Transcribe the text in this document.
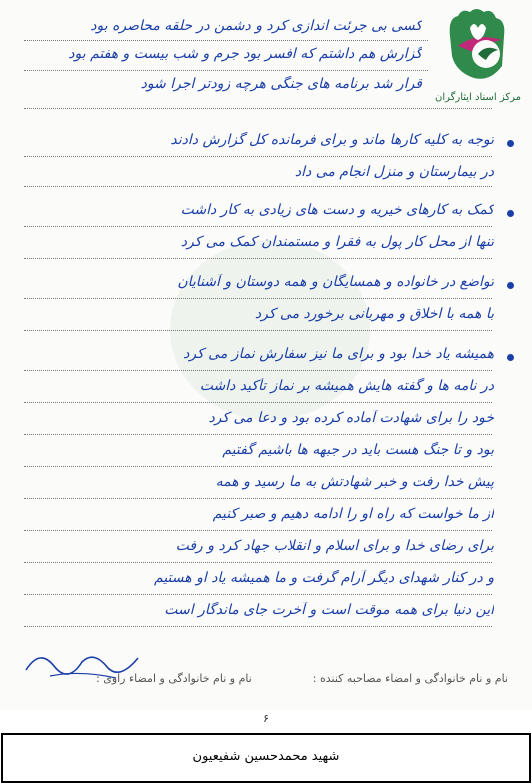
مرکز اسناد ایثارگران
کسی بی جرئت اندازی کرد و دشمن در حلقه محاصره بود
گزارش هم داشتم که افسر بود جرم و شب بیست و هفتم بود
قرار شد برنامه های جنگی هرچه زودتر اجرا شود
توجه به کلیه کارها ماند و برای فرمانده کل گزارش دادند
در بیمارستان و منزل انجام می داد
کمک به کارهای خیریه و دست های زیادی به کار داشت
تنها از محل کار پول به فقرا و مستمندان کمک می کرد
تواضع در خانواده و همسایگان و همه دوستان و آشنایان
با همه با اخلاق و مهربانی برخورد می کرد
همیشه یاد خدا بود و برای ما نیز سفارش نماز می کرد
در نامه ها و گفته هایش همیشه بر نماز تأکید داشت
خود را برای شهادت آماده کرده بود و دعا می کرد
بود و تا جنگ هست باید در جبهه ها باشیم گفتیم
پیش خدا رفت و خبر شهادتش به ما رسید و همه
از ما خواست که راه او را ادامه دهیم و صبر کنیم
برای رضای خدا و برای اسلام و انقلاب جهاد کرد و رفت
و در کنار شهدای دیگر آرام گرفت و ما همیشه یاد او هستیم
این دنیا برای همه موقت است و آخرت جای ماندگار است
نام و نام خانوادگی و امضاء مصاحبه کننده :
نام و نام خانوادگی و امضاء راوی :
۶
شهید محمدحسین شفیعیون
